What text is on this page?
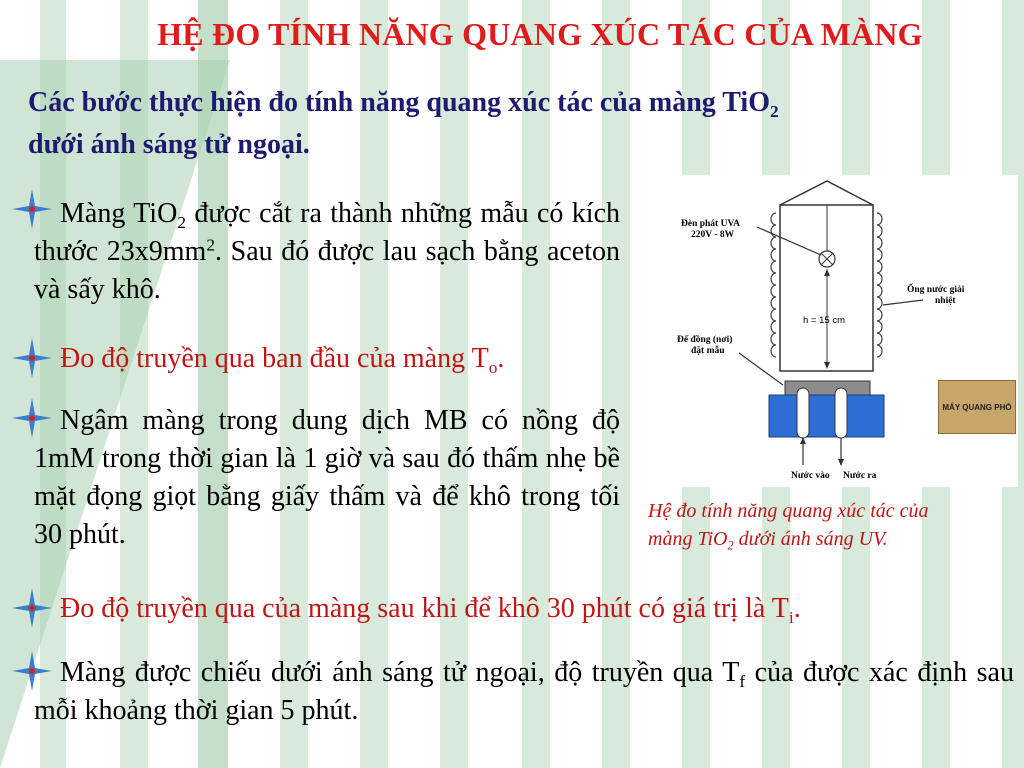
HỆ ĐO TÍNH NĂNG QUANG XÚC TÁC CỦA MÀNG
Các bước thực hiện đo tính năng quang xúc tác của màng TiO$_2$
dưới ánh sáng tử ngoại.
Màng TiO$_2$ được cắt ra thành những mẫu có kích thước $23x9mm^2$. Sau đó được lau sạch bằng aceton và sấy khô.
Đo độ truyền qua ban đầu của màng $T_o$.
Ngâm màng trong dung dịch MB có nồng độ 1mM trong thời gian là 1 giờ và sau đó thấm nhẹ bề mặt đọng giọt bằng giấy thấm và để khô trong tối 30 phút.
Đèn phát UVA
220V - 8W
Ống nước giải
nhiệt
h = 15 cm
Đế đồng (nơi)
đặt mẫu
Nước vào Nước ra
MÁY QUANG PHỔ
Hệ đo tính năng quang xúc tác của
màng TiO$_2$ dưới ánh sáng UV.
Đo độ truyền qua của màng sau khi để khô 30 phút có giá trị là $T_i$.
Màng được chiếu dưới ánh sáng tử ngoại, độ truyền qua $T_f$ của được xác định sau mỗi khoảng thời gian 5 phút.
